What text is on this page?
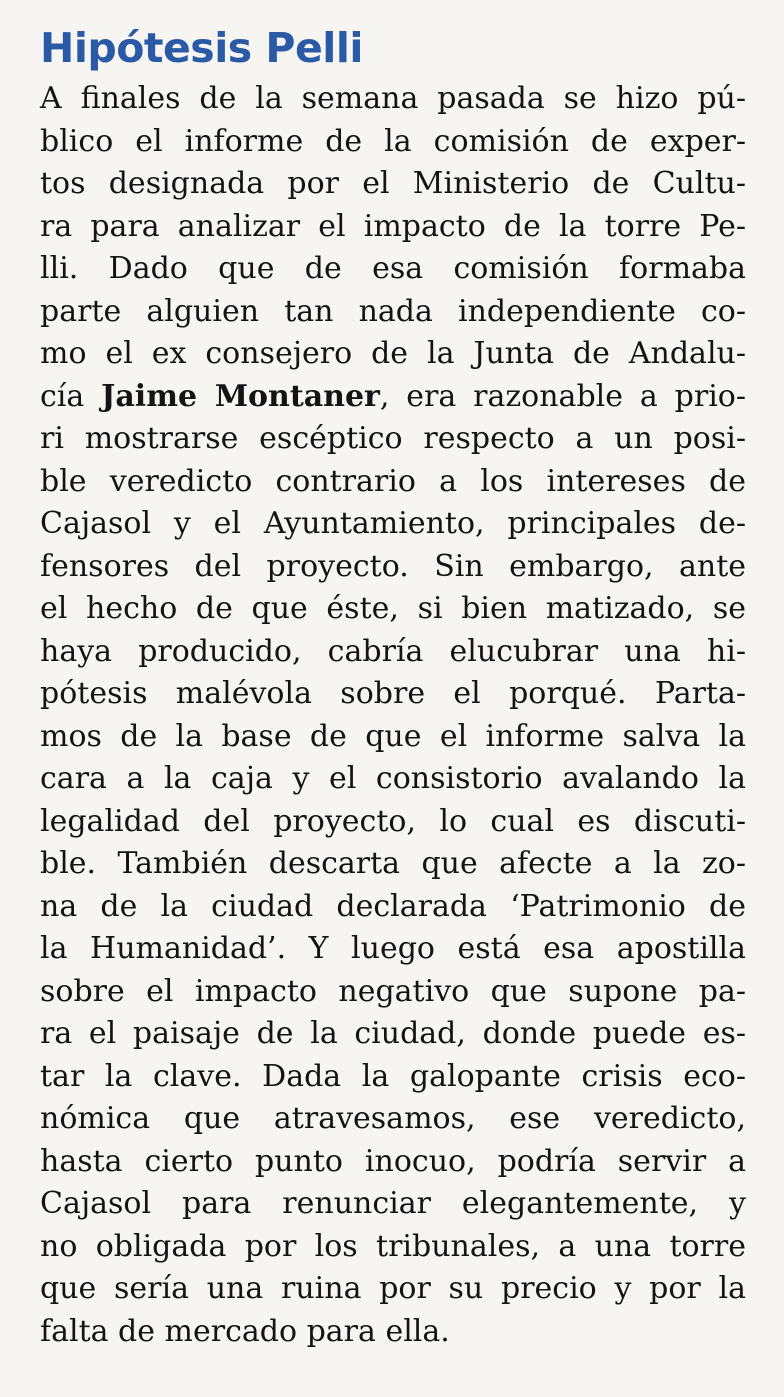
Hipótesis Pelli
A finales de la semana pasada se hizo pú-
blico el informe de la comisión de exper-
tos designada por el Ministerio de Cultu-
ra para analizar el impacto de la torre Pe-
lli. Dado que de esa comisión formaba
parte alguien tan nada independiente co-
mo el ex consejero de la Junta de Andalu-
cía Jaime Montaner, era razonable a prio-
ri mostrarse escéptico respecto a un posi-
ble veredicto contrario a los intereses de
Cajasol y el Ayuntamiento, principales de-
fensores del proyecto. Sin embargo, ante
el hecho de que éste, si bien matizado, se
haya producido, cabría elucubrar una hi-
pótesis malévola sobre el porqué. Parta-
mos de la base de que el informe salva la
cara a la caja y el consistorio avalando la
legalidad del proyecto, lo cual es discuti-
ble. También descarta que afecte a la zo-
na de la ciudad declarada ‘Patrimonio de
la Humanidad’. Y luego está esa apostilla
sobre el impacto negativo que supone pa-
ra el paisaje de la ciudad, donde puede es-
tar la clave. Dada la galopante crisis eco-
nómica que atravesamos, ese veredicto,
hasta cierto punto inocuo, podría servir a
Cajasol para renunciar elegantemente, y
no obligada por los tribunales, a una torre
que sería una ruina por su precio y por la
falta de mercado para ella.
